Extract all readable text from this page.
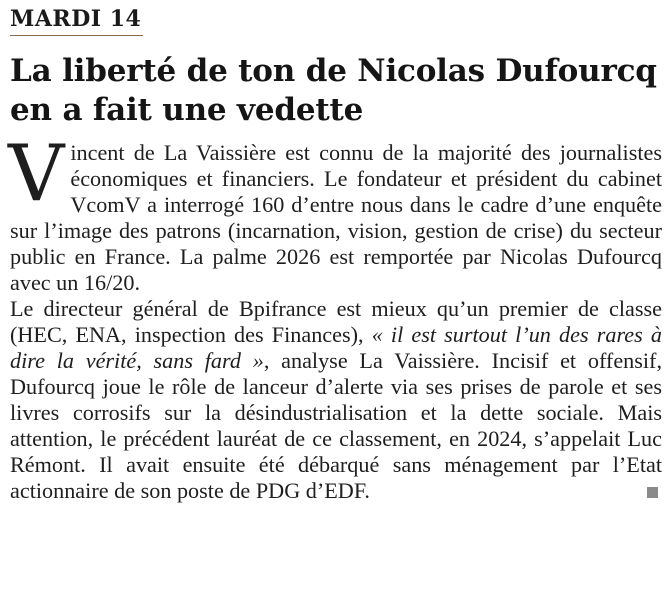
MARDI 14
La liberté de ton de Nicolas Dufourcq en a fait une vedette

Vincent de La Vaissière est connu de la majorité des journalistes économiques et financiers. Le fondateur et président du cabinet VcomV a interrogé 160 d’entre nous dans le cadre d’une enquête sur l’image des patrons (incarnation, vision, gestion de crise) du secteur public en France. La palme 2026 est remportée par Nicolas Dufourcq avec un 16/20.

Le directeur général de Bpifrance est mieux qu’un premier de classe (HEC, ENA, inspection des Finances), « il est surtout l’un des rares à dire la vérité, sans fard », analyse La Vaissière. Incisif et offensif, Dufourcq joue le rôle de lanceur d’alerte via ses prises de parole et ses livres corrosifs sur la désindustrialisation et la dette sociale. Mais attention, le précédent lauréat de ce classement, en 2024, s’appelait Luc Rémont. Il avait ensuite été débarqué sans ménagement par l’Etat actionnaire de son poste de PDG d’EDF.
